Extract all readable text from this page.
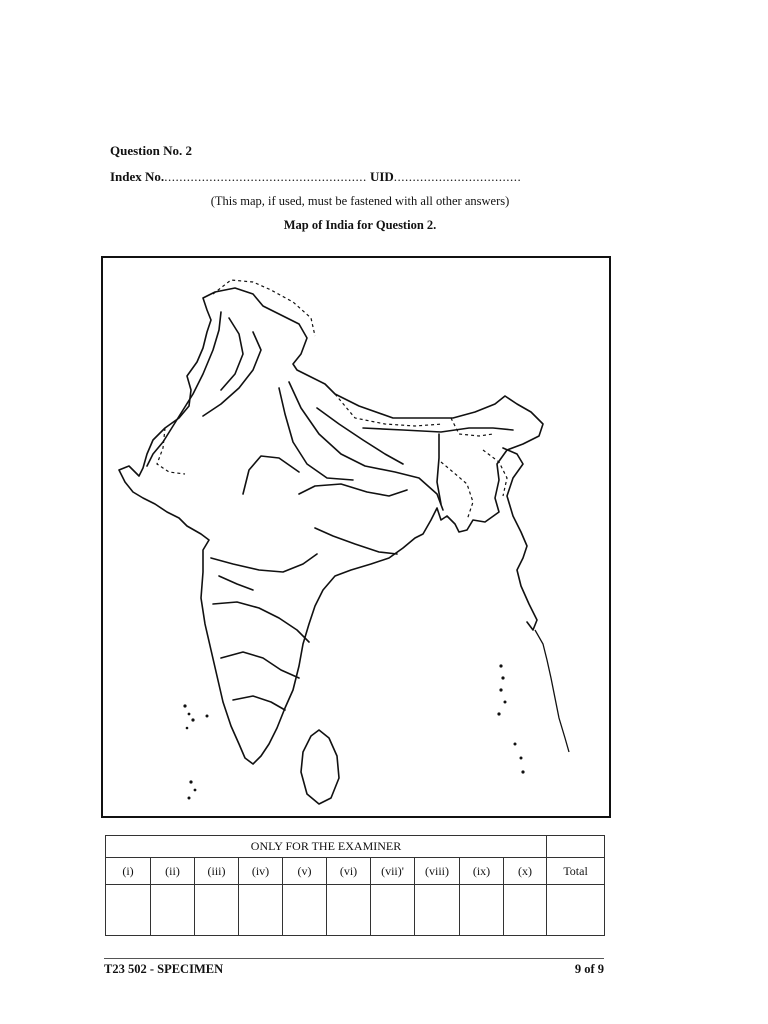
Question No. 2
Index No....................................................... UID..................................
(This map, if used, must be fastened with all other answers)
Map of India for Question 2.
ONLY FOR THE EXAMINER										
(i)	(ii)	(iii)	(iv)	(v)	(vi)	(vii)'	(viii)	(ix)	(x)	Total

T23 502 - SPECIMEN	9 of 9
